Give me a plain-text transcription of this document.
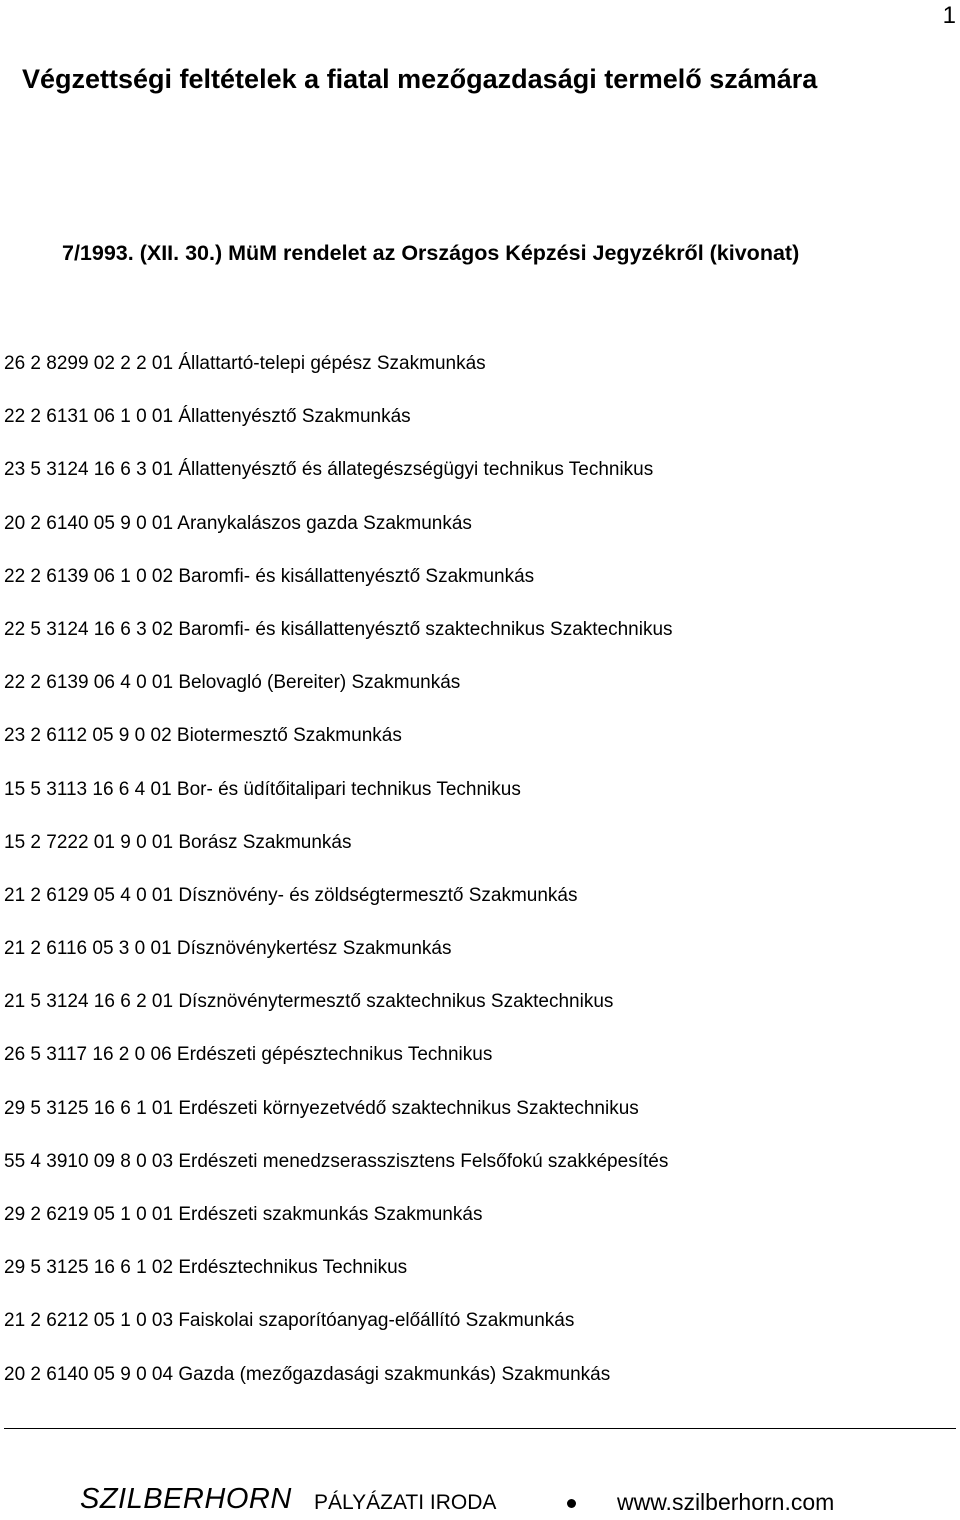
1
Végzettségi feltételek a fiatal mezőgazdasági termelő számára
7/1993. (XII. 30.) MüM rendelet az Országos Képzési Jegyzékről (kivonat)
26 2 8299 02 2 2 01 Állattartó-telepi gépész Szakmunkás
22 2 6131 06 1 0 01 Állattenyésztő Szakmunkás
23 5 3124 16 6 3 01 Állattenyésztő és állategészségügyi technikus Technikus
20 2 6140 05 9 0 01 Aranykalászos gazda Szakmunkás
22 2 6139 06 1 0 02 Baromfi- és kisállattenyésztő Szakmunkás
22 5 3124 16 6 3 02 Baromfi- és kisállattenyésztő szaktechnikus Szaktechnikus
22 2 6139 06 4 0 01 Belovagló (Bereiter) Szakmunkás
23 2 6112 05 9 0 02 Biotermesztő Szakmunkás
15 5 3113 16 6 4 01 Bor- és üdítőitalipari technikus Technikus
15 2 7222 01 9 0 01 Borász Szakmunkás
21 2 6129 05 4 0 01 Dísznövény- és zöldségtermesztő Szakmunkás
21 2 6116 05 3 0 01 Dísznövénykertész Szakmunkás
21 5 3124 16 6 2 01 Dísznövénytermesztő szaktechnikus Szaktechnikus
26 5 3117 16 2 0 06 Erdészeti gépésztechnikus Technikus
29 5 3125 16 6 1 01 Erdészeti környezetvédő szaktechnikus Szaktechnikus
55 4 3910 09 8 0 03 Erdészeti menedzserasszisztens Felsőfokú szakképesítés
29 2 6219 05 1 0 01 Erdészeti szakmunkás Szakmunkás
29 5 3125 16 6 1 02 Erdésztechnikus Technikus
21 2 6212 05 1 0 03 Faiskolai szaporítóanyag-előállító Szakmunkás
20 2 6140 05 9 0 04 Gazda (mezőgazdasági szakmunkás) Szakmunkás
SZILBERHORN PÁLYÁZATI IRODA	www.szilberhorn.com
